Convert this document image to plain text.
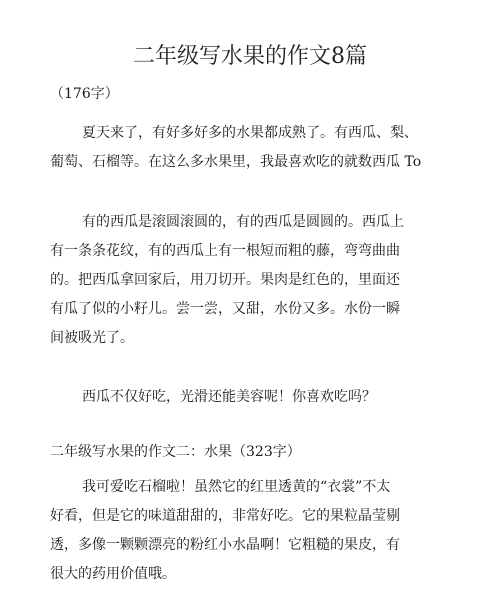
二年级写水果的作文8篇
（176字）
夏天来了，有好多好多的水果都成熟了。有西瓜、梨、
葡萄、石榴等。在这么多水果里，我最喜欢吃的就数西瓜 To
有的西瓜是滚圆滚圆的，有的西瓜是圆圆的。西瓜上
有一条条花纹，有的西瓜上有一根短而粗的藤，弯弯曲曲
的。把西瓜拿回家后，用刀切开。果肉是红色的，里面还
有瓜了似的小籽儿。尝一尝，又甜，水份又多。水份一瞬
间被吸光了。
西瓜不仅好吃，光滑还能美容呢！你喜欢吃吗？
二年级写水果的作文二：水果（323字）
我可爱吃石榴啦！虽然它的红里透黄的“衣裳”不太
好看，但是它的味道甜甜的，非常好吃。它的果粒晶莹剔
透，多像一颗颗漂亮的粉红小水晶啊！它粗糙的果皮，有
很大的药用价值哦。
